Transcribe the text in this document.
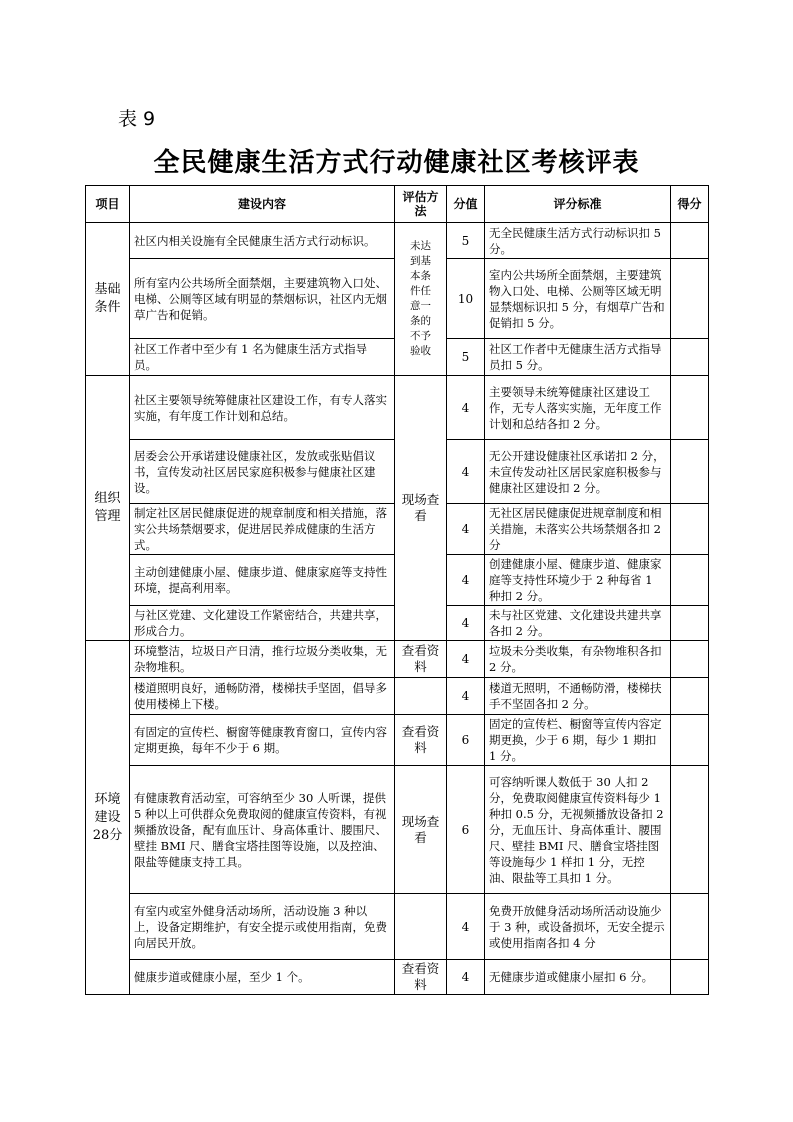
表 9
全民健康生活方式行动健康社区考核评表
项目	建设内容	评估方法	分值	评分标准	得分
基础条件	社区内相关设施有全民健康生活方式行动标识。	未达到基本条件任意一条的不予验收	5	无全民健康生活方式行动标识扣 5 分。	
	所有室内公共场所全面禁烟，主要建筑物入口处、电梯、公厕等区域有明显的禁烟标识，社区内无烟草广告和促销。		10	室内公共场所全面禁烟，主要建筑物入口处、电梯、公厕等区域无明显禁烟标识扣 5 分，有烟草广告和促销扣 5 分。	
	社区工作者中至少有 1 名为健康生活方式指导员。		5	社区工作者中无健康生活方式指导员扣 5 分。	
组织管理	社区主要领导统筹健康社区建设工作，有专人落实实施，有年度工作计划和总结。	现场查看	4	主要领导未统筹健康社区建设工作，无专人落实实施，无年度工作计划和总结各扣 2 分。	
	居委会公开承诺建设健康社区，发放或张贴倡议书，宣传发动社区居民家庭积极参与健康社区建设。		4	无公开建设健康社区承诺扣 2 分，未宣传发动社区居民家庭积极参与健康社区建设扣 2 分。	
	制定社区居民健康促进的规章制度和相关措施，落实公共场禁烟要求，促进居民养成健康的生活方式。		4	无社区居民健康促进规章制度和相关措施，未落实公共场禁烟各扣 2 分	
	主动创建健康小屋、健康步道、健康家庭等支持性环境，提高利用率。		4	创建健康小屋、健康步道、健康家庭等支持性环境少于 2 种每省 1 种扣 2 分。	
	与社区党建、文化建设工作紧密结合，共建共享，形成合力。		4	未与社区党建、文化建设共建共享各扣 2 分。	
环境建设28分	环境整洁，垃圾日产日清，推行垃圾分类收集，无杂物堆积。	查看资料	4	垃圾未分类收集，有杂物堆积各扣 2 分。	
	楼道照明良好，通畅防滑，楼梯扶手坚固，倡导多使用楼梯上下楼。		4	楼道无照明，不通畅防滑，楼梯扶手不坚固各扣 2 分。	
	有固定的宣传栏、橱窗等健康教育窗口，宣传内容定期更换，每年不少于 6 期。	查看资料	6	固定的宣传栏、橱窗等宣传内容定期更换，少于 6 期，每少 1 期扣 1 分。	
	有健康教育活动室，可容纳至少 30 人听课，提供 5 种以上可供群众免费取阅的健康宣传资料，有视频播放设备，配有血压计、身高体重计、腰围尺、壁挂 BMI 尺、膳食宝塔挂图等设施，以及控油、限盐等健康支持工具。	现场查看	6	可容纳听课人数低于 30 人扣 2 分，免费取阅健康宣传资料每少 1 种扣 0.5 分，无视频播放设备扣 2 分，无血压计、身高体重计、腰围尺、壁挂 BMI 尺、膳食宝塔挂图等设施每少 1 样扣 1 分，无控油、限盐等工具扣 1 分。	
	有室内或室外健身活动场所，活动设施 3 种以上，设备定期维护，有安全提示或使用指南，免费向居民开放。		4	免费开放健身活动场所活动设施少于 3 种，或设备损坏，无安全提示或使用指南各扣 4 分	
	健康步道或健康小屋，至少 1 个。	查看资料	4	无健康步道或健康小屋扣 6 分。	
